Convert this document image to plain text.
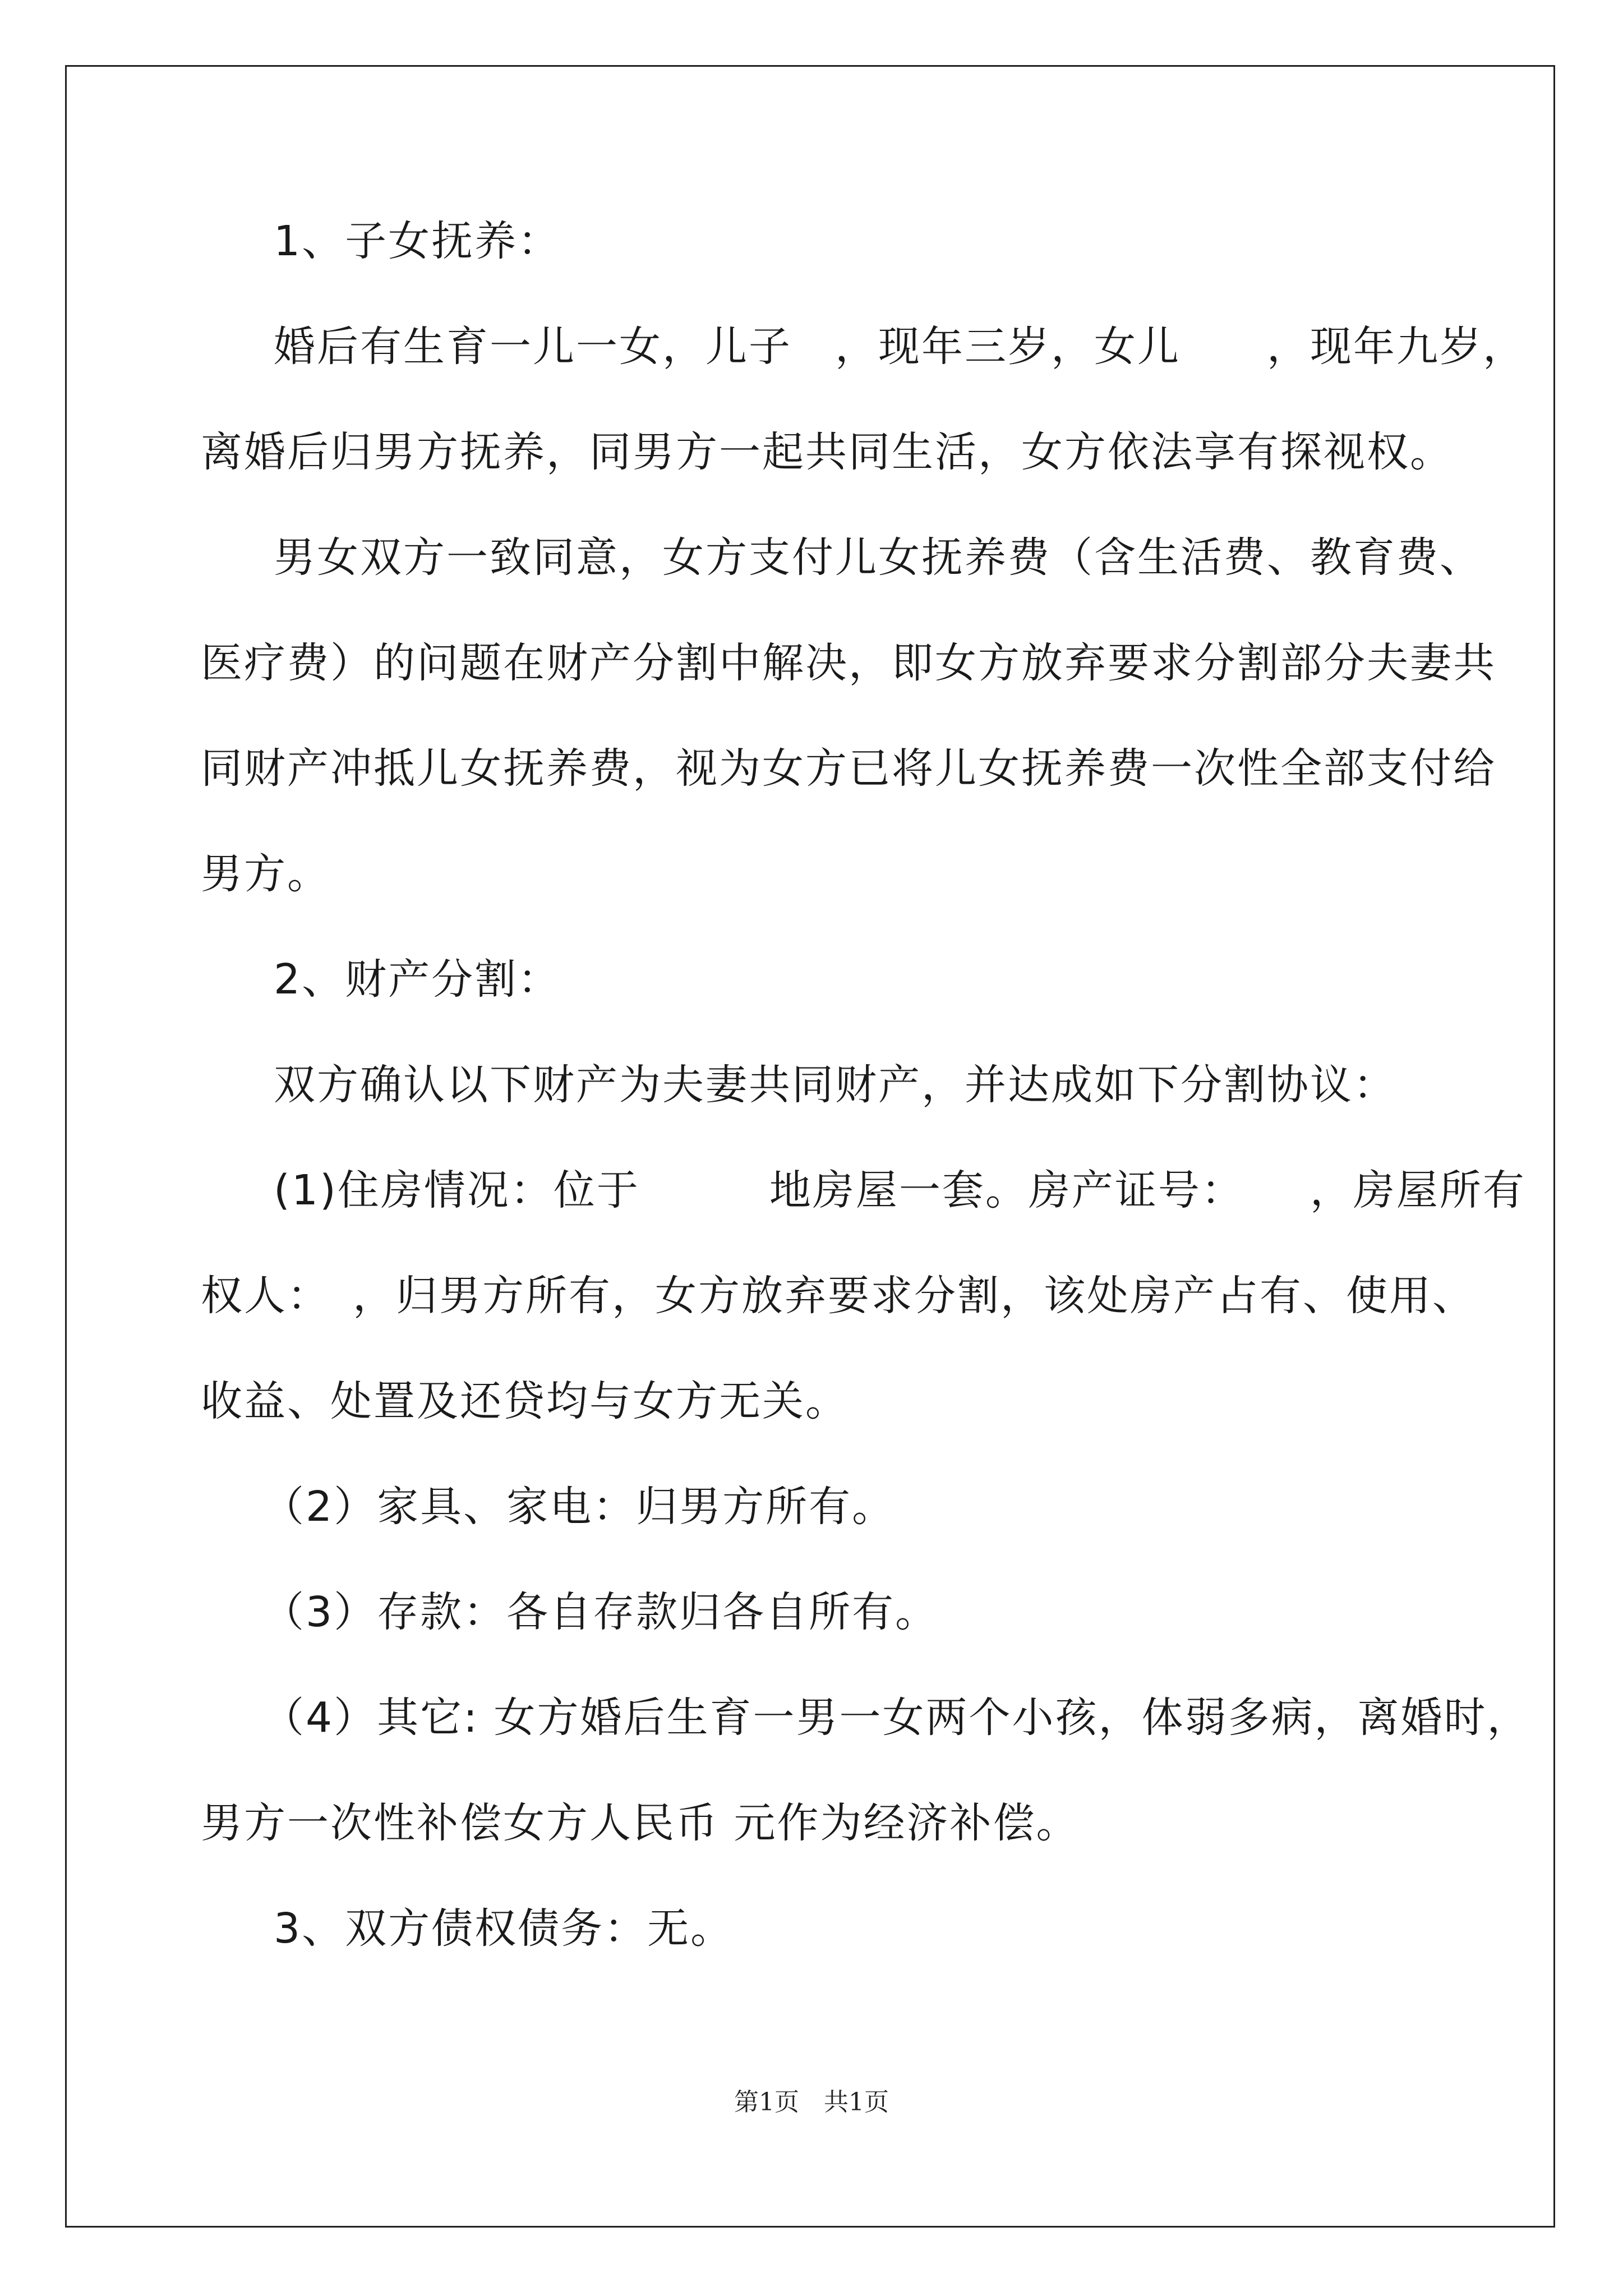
1、子女抚养：
婚后有生育一儿一女，儿子　，现年三岁，女儿　　，现年九岁，
离婚后归男方抚养，同男方一起共同生活，女方依法享有探视权。
男女双方一致同意，女方支付儿女抚养费（含生活费、教育费、
医疗费）的问题在财产分割中解决，即女方放弃要求分割部分夫妻共
同财产冲抵儿女抚养费，视为女方已将儿女抚养费一次性全部支付给
男方。
2、财产分割：
双方确认以下财产为夫妻共同财产，并达成如下分割协议：
(1)住房情况：位于　　　地房屋一套。房产证号：　　，房屋所有
权人：　，归男方所有，女方放弃要求分割，该处房产占有、使用、
收益、处置及还贷均与女方无关。
（2）家具、家电：归男方所有。
（3）存款：各自存款归各自所有。
（4）其它: 女方婚后生育一男一女两个小孩，体弱多病，离婚时，
男方一次性补偿女方人民币 元作为经济补偿。
3、双方债权债务：无。
第1页　共1页
